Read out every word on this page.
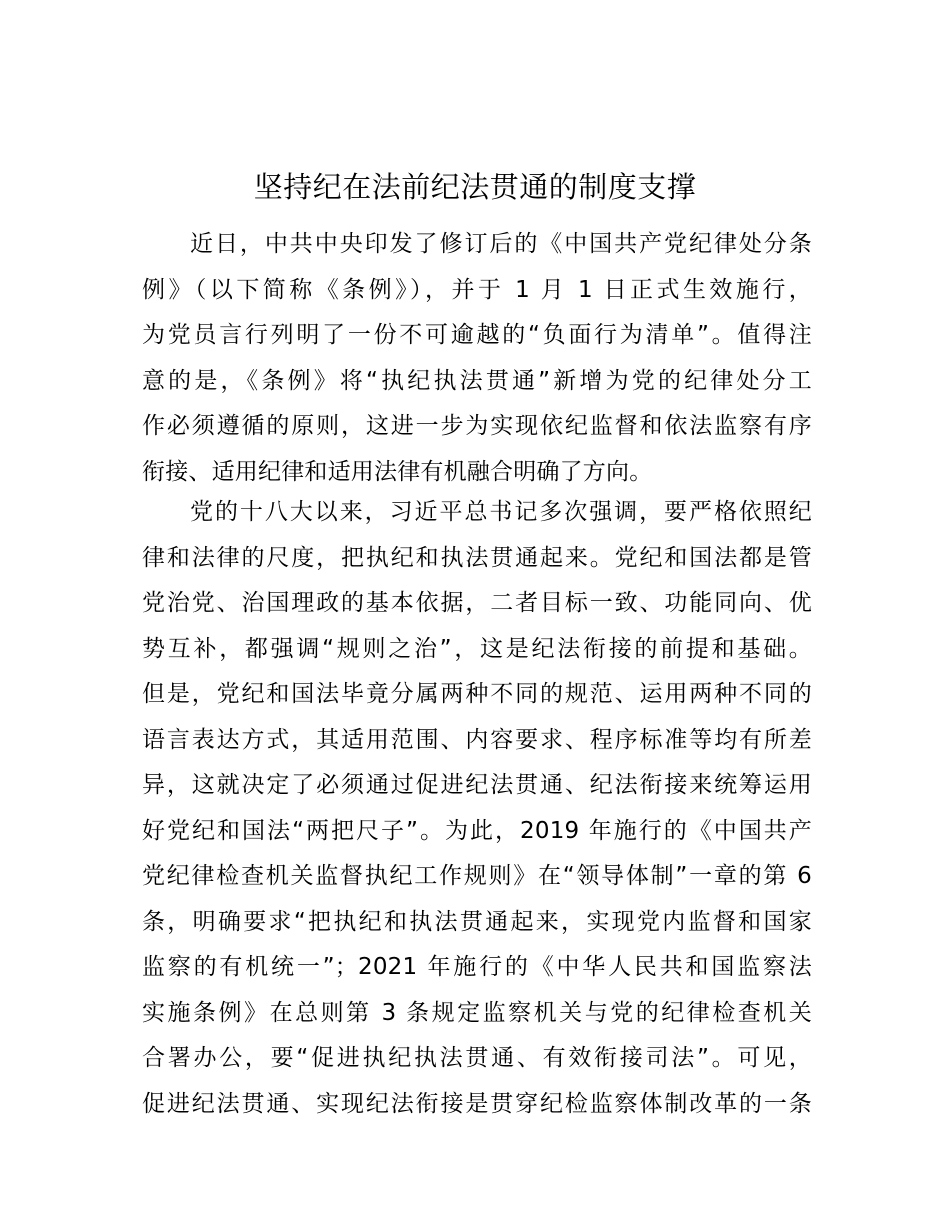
坚持纪在法前纪法贯通的制度支撑
近日，中共中央印发了修订后的《中国共产党纪律处分条
例》（以下简称《条例》），并于 1 月 1 日正式生效施行，
为党员言行列明了一份不可逾越的“负面行为清单”。值得注
意的是，《条例》将“执纪执法贯通”新增为党的纪律处分工
作必须遵循的原则，这进一步为实现依纪监督和依法监察有序
衔接、适用纪律和适用法律有机融合明确了方向。
党的十八大以来，习近平总书记多次强调，要严格依照纪
律和法律的尺度，把执纪和执法贯通起来。党纪和国法都是管
党治党、治国理政的基本依据，二者目标一致、功能同向、优
势互补，都强调“规则之治”，这是纪法衔接的前提和基础。
但是，党纪和国法毕竟分属两种不同的规范、运用两种不同的
语言表达方式，其适用范围、内容要求、程序标准等均有所差
异，这就决定了必须通过促进纪法贯通、纪法衔接来统筹运用
好党纪和国法“两把尺子”。为此，2019 年施行的《中国共产
党纪律检查机关监督执纪工作规则》在“领导体制”一章的第 6
条，明确要求“把执纪和执法贯通起来，实现党内监督和国家
监察的有机统一”；2021 年施行的《中华人民共和国监察法
实施条例》在总则第 3 条规定监察机关与党的纪律检查机关
合署办公，要“促进执纪执法贯通、有效衔接司法”。可见，
促进纪法贯通、实现纪法衔接是贯穿纪检监察体制改革的一条
